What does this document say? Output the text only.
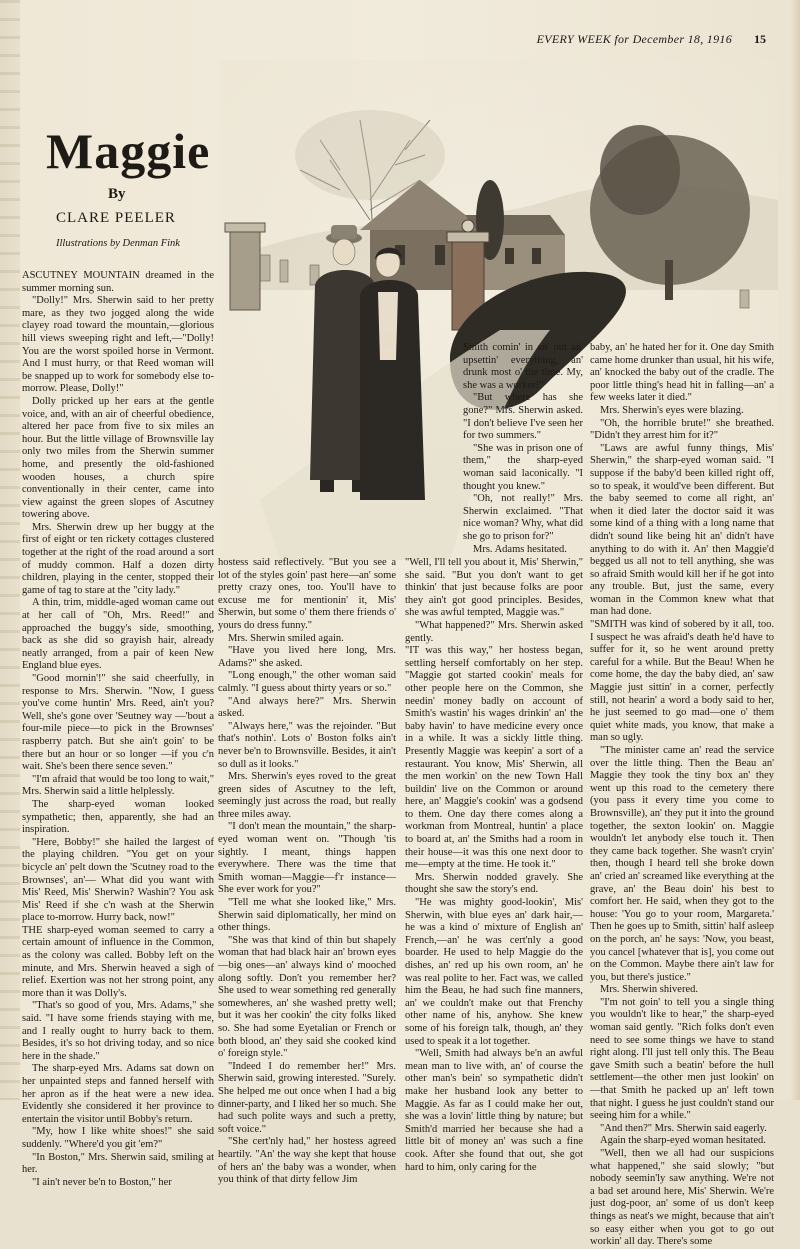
EVERY WEEK for December 18, 1916 15
Maggie
By
CLARE PEELER
Illustrations by Denman Fink

ASCUTNEY MOUNTAIN dreamed in the summer morning sun.

"Dolly!" Mrs. Sherwin said to her pretty mare, as they two jogged along the wide clayey road toward the mountain,—glorious hill views sweeping right and left,—"Dolly! You are the worst spoiled horse in Vermont. And I must hurry, or that Reed woman will be snapped up to work for somebody else to-morrow. Please, Dolly!"

Dolly pricked up her ears at the gentle voice, and, with an air of cheerful obedience, altered her pace from five to six miles an hour. But the little village of Brownsville lay only two miles from the Sherwin summer home, and presently the old-fashioned wooden houses, a church spire conventionally in their center, came into view against the green slopes of Ascutney towering above.

Mrs. Sherwin drew up her buggy at the first of eight or ten rickety cottages clustered together at the right of the road around a sort of muddy common. Half a dozen dirty children, playing in the center, stopped their game of tag to stare at the "city lady."

A thin, trim, middle-aged woman came out at her call of "Oh, Mrs. Reed!" and approached the buggy's side, smoothing, back as she did so grayish hair, already neatly arranged, from a pair of keen New England blue eyes.

"Good mornin'!" she said cheerfully, in response to Mrs. Sherwin. "Now, I guess you've come huntin' Mrs. Reed, ain't you? Well, she's gone over 'Seutney way —'bout a four-mile piece—to pick in the Brownses' raspberry patch. But she ain't goin' to be there but an hour or so longer —if you c'n wait. She's been there sence seven."

"I'm afraid that would be too long to wait," Mrs. Sherwin said a little helplessly.

The sharp-eyed woman looked sympathetic; then, apparently, she had an inspiration.

"Here, Bobby!" she hailed the largest of the playing children. "You get on your bicycle an' pelt down the 'Scutney road to the Brownses', an'— What did you want with Mis' Reed, Mis' Sherwin? Washin'? You ask Mis' Reed if she c'n wash at the Sherwin place to-morrow. Hurry back, now!"

THE sharp-eyed woman seemed to carry a certain amount of influence in the Common, as the colony was called. Bobby left on the minute, and Mrs. Sherwin heaved a sigh of relief. Exertion was not her strong point, any more than it was Dolly's.

"That's so good of you, Mrs. Adams," she said. "I have some friends staying with me, and I really ought to hurry back to them. Besides, it's so hot driving today, and so nice here in the shade."

The sharp-eyed Mrs. Adams sat down on her unpainted steps and fanned herself with her apron as if the heat were a new idea. Evidently she considered it her province to entertain the visitor until Bobby's return.

"My, how I like white shoes!" she said suddenly. "Where'd you git 'em?"

"In Boston," Mrs. Sherwin said, smiling at her.

"I ain't never be'n to Boston," her

hostess said reflectively. "But you see a lot of the styles goin' past here—an' some pretty crazy ones, too. You'll have to excuse me for mentionin' it, Mis' Sherwin, but some o' them there friends o' yours do dress funny."

Mrs. Sherwin smiled again.

"Have you lived here long, Mrs. Adams?" she asked.

"Long enough," the other woman said calmly. "I guess about thirty years or so."

"And always here?" Mrs. Sherwin asked.

"Always here," was the rejoinder. "But that's nothin'. Lots o' Boston folks ain't never be'n to Brownsville. Besides, it ain't so dull as it looks."

Mrs. Sherwin's eyes roved to the great green sides of Ascutney to the left, seemingly just across the road, but really three miles away.

"I don't mean the mountain," the sharp-eyed woman went on. "Though 'tis sightly. I meant, things happen everywhere. There was the time that Smith woman—Maggie—f'r instance— She ever work for you?"

"Tell me what she looked like," Mrs. Sherwin said diplomatically, her mind on other things.

"She was that kind of thin but shapely woman that had black hair an' brown eyes—big ones—an' always kind o' mooched along softly. Don't you remember her? She used to wear something red generally somewheres, an' she washed pretty well; but it was her cookin' the city folks liked so. She had some Eyetalian or French or both blood, an' they said she cooked kind o' foreign style."

"Indeed I do remember her!" Mrs. Sherwin said, growing interested. "Surely. She helped me out once when I had a big dinner-party, and I liked her so much. She had such polite ways and such a pretty, soft voice."

"She cert'nly had," her hostess agreed heartily. "An' the way she kept that house of hers an' the baby was a wonder, when you think of that dirty fellow Jim

Smith comin' in an' out an' upsettin' everything, an' drunk most o' the time. My, she was a worker!"

"But where has she gone?" Mrs. Sherwin asked. "I don't believe I've seen her for two summers."

"She was in prison one of them," the sharp-eyed woman said laconically. "I thought you knew."

"Oh, not really!" Mrs. Sherwin exclaimed. "That nice woman? Why, what did she go to prison for?"

Mrs. Adams hesitated.

"Well, I'll tell you about it, Mis' Sherwin," she said. "But you don't want to get thinkin' that just because folks are poor they ain't got good principles. Besides, she was awful tempted, Maggie was."

"What happened?" Mrs. Sherwin asked gently.

"IT was this way," her hostess began, settling herself comfortably on her step. "Maggie got started cookin' meals for other people here on the Common, she needin' money badly on account of Smith's wastin' his wages drinkin' an' the baby havin' to have medicine every once in a while. It was a sickly little thing. Presently Maggie was keepin' a sort of a restaurant. You know, Mis' Sherwin, all the men workin' on the new Town Hall buildin' live on the Common or around here, an' Maggie's cookin' was a godsend to them. One day there comes along a workman from Montreal, huntin' a place to board at, an' the Smiths had a room in their house—it was this one next door to me—empty at the time. He took it."

Mrs. Sherwin nodded gravely. She thought she saw the story's end.

"He was mighty good-lookin', Mis' Sherwin, with blue eyes an' dark hair,—he was a kind o' mixture of English an' French,—an' he was cert'nly a good boarder. He used to help Maggie do the dishes, an' red up his own room, an' he was real polite to her. Fact was, we called him the Beau, he had such fine manners, an' we couldn't make out that Frenchy other name of his, anyhow. She knew some of his foreign talk, though, an' they used to speak it a lot together.

"Well, Smith had always be'n an awful mean man to live with, an' of course the other man's bein' so sympathetic didn't make her husband look any better to Maggie. As far as I could make her out, she was a lovin' little thing by nature; but Smith'd married her because she had a little bit of money an' was such a fine cook. After she found that out, she got hard to him, only caring for the

baby, an' he hated her for it. One day Smith came home drunker than usual, hit his wife, an' knocked the baby out of the cradle. The poor little thing's head hit in falling—an' a few weeks later it died."

Mrs. Sherwin's eyes were blazing.

"Oh, the horrible brute!" she breathed. "Didn't they arrest him for it?"

"Laws are awful funny things, Mis' Sherwin," the sharp-eyed woman said. "I suppose if the baby'd been killed right off, so to speak, it would've been different. But the baby seemed to come all right, an' when it died later the doctor said it was some kind of a thing with a long name that didn't sound like being hit an' didn't have anything to do with it. An' then Maggie'd begged us all not to tell anything, she was so afraid Smith would kill her if he got into any trouble. But, just the same, every woman in the Common knew what that man had done.

"SMITH was kind of sobered by it all, too. I suspect he was afraid's death he'd have to suffer for it, so he went around pretty careful for a while. But the Beau! When he come home, the day the baby died, an' saw Maggie just sittin' in a corner, perfectly still, not hearin' a word a body said to her, he just seemed to go mad—one o' them quiet white mads, you know, that make a man so ugly.

"The minister came an' read the service over the little thing. Then the Beau an' Maggie they took the tiny box an' they went up this road to the cemetery there (you pass it every time you come to Brownsville), an' they put it into the ground together, the sexton lookin' on. Maggie wouldn't let anybody else touch it. Then they came back together. She wasn't cryin' then, though I heard tell she broke down an' cried an' screamed like everything at the grave, an' the Beau doin' his best to comfort her. He said, when they got to the house: 'You go to your room, Margareta.' Then he goes up to Smith, sittin' half asleep on the porch, an' he says: 'Now, you beast, you cancel [whatever that is], you come out on the Common. Maybe there ain't law for you, but there's justice."

Mrs. Sherwin shivered.

"I'm not goin' to tell you a single thing you wouldn't like to hear," the sharp-eyed woman said gently. "Rich folks don't even need to see some things we have to stand right along. I'll just tell only this. The Beau gave Smith such a beatin' before the hull settlement—the other men just lookin' on—that Smith he packed up an' left town that night. I guess he just couldn't stand our seeing him for a while."

"And then?" Mrs. Sherwin said eagerly.

Again the sharp-eyed woman hesitated.

"Well, then we all had our suspicions what happened," she said slowly; "but nobody seemin'ly saw anything. We're not a bad set around here, Mis' Sherwin. We're just dog-poor, an' some of us don't keep things as neat's we might, because that ain't so easy either when you got to go out workin' all day. There's some
